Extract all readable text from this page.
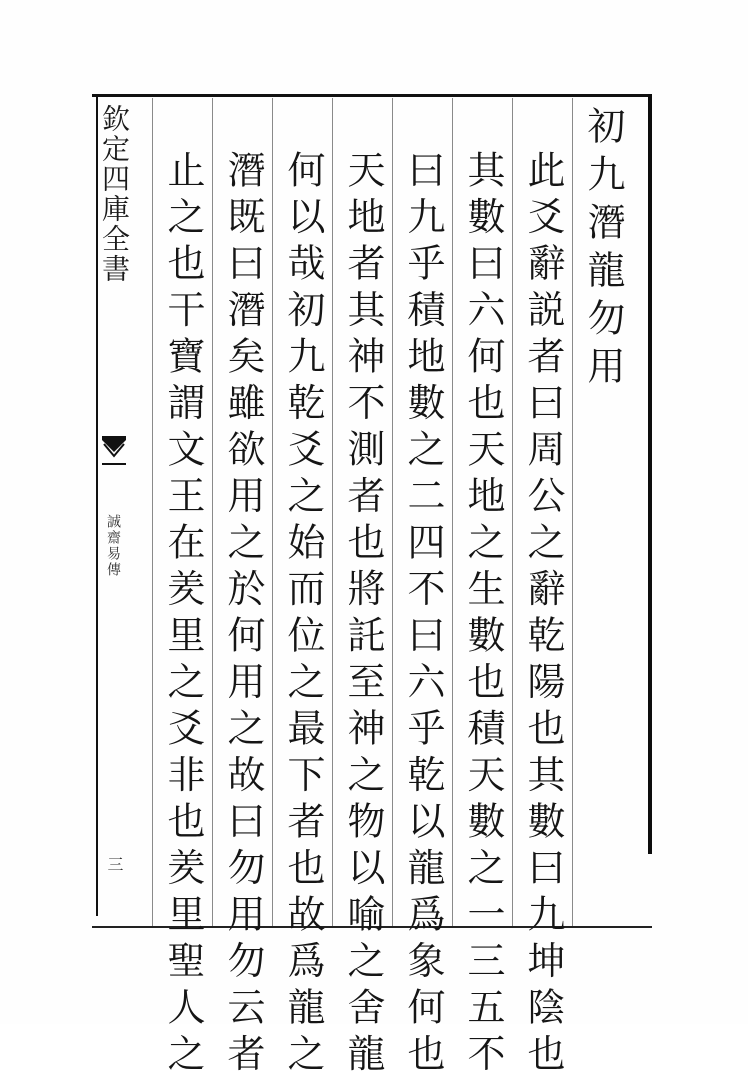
欽定四庫全書
誠齋易傳
三
初九潛龍勿用
此爻辭説者曰周公之辭乾陽也其數曰九坤陰也
其數曰六何也天地之生數也積天數之一三五不
曰九乎積地數之二四不曰六乎乾以龍爲象何也
天地者其神不測者也將託至神之物以喻之舍龍
何以哉初九乾爻之始而位之最下者也故爲龍之
潛既曰潛矣雖欲用之於何用之故曰勿用勿云者
止之也干寶謂文王在羑里之爻非也羑里聖人之
